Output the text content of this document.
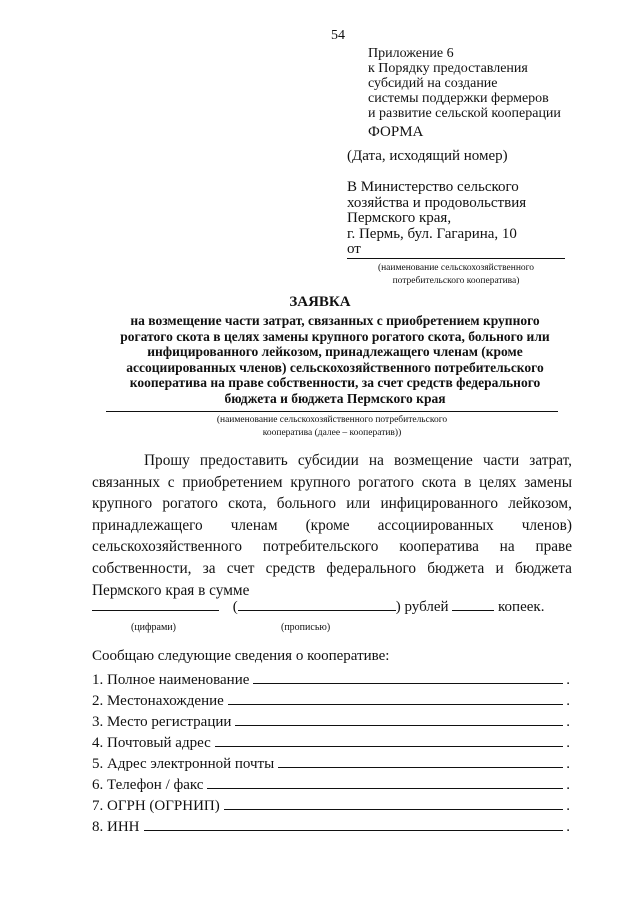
54
Приложение 6
к Порядку предоставления
субсидий на создание
системы поддержки фермеров
и развитие сельской кооперации
ФОРМА
(Дата, исходящий номер)
В Министерство сельского
хозяйства и продовольствия
Пермского края,
г. Пермь, бул. Гагарина, 10
от
(наименование сельскохозяйственного
потребительского кооператива)
ЗАЯВКА
на возмещение части затрат, связанных с приобретением крупного рогатого скота в целях замены крупного рогатого скота, больного или инфицированного лейкозом, принадлежащего членам (кроме ассоциированных членов) сельскохозяйственного потребительского кооператива на праве собственности, за счет средств федерального бюджета и бюджета Пермского края
(наименование сельскохозяйственного потребительского
кооператива (далее – кооператив))
Прошу предоставить субсидии на возмещение части затрат,
связанных с приобретением крупного рогатого скота в целях замены
крупного рогатого скота, больного или инфицированного лейкозом,
принадлежащего членам (кроме ассоциированных членов)
сельскохозяйственного потребительского кооператива на праве
собственности, за счет средств федерального бюджета и бюджета
Пермского края в сумме
(	) рублей	копеек.
(цифрами)	(прописью)
Сообщаю следующие сведения о кооперативе:
1. Полное наименование	.
2. Местонахождение	.
3. Место регистрации	.
4. Почтовый адрес	.
5. Адрес электронной почты	.
6. Телефон / факс	.
7. ОГРН (ОГРНИП)	.
8. ИНН	.
